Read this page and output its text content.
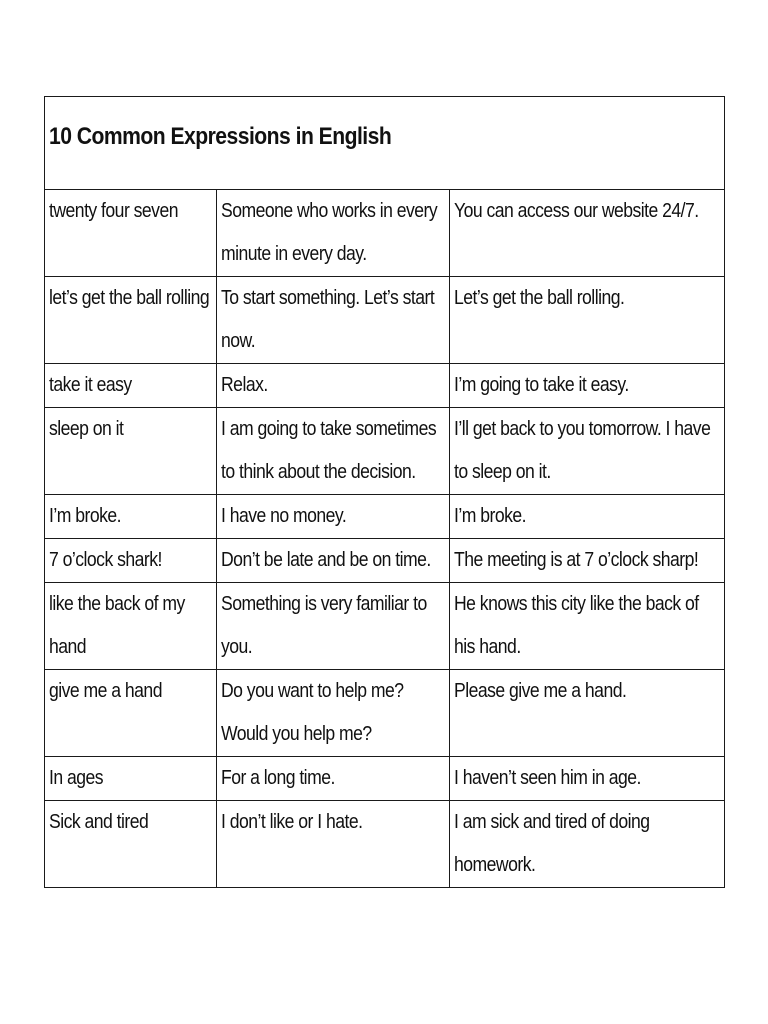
10 Common Expressions in English		
twenty four seven	Someone who works in every minute in every day.	You can access our website 24/7.
let’s get the ball rolling	To start something. Let’s start now.	Let’s get the ball rolling.
take it easy	Relax.	I’m going to take it easy.
sleep on it	I am going to take sometimes to think about the decision.	I’ll get back to you tomorrow. I have to sleep on it.
I’m broke.	I have no money.	I’m broke.
7 o’clock shark!	Don’t be late and be on time.	The meeting is at 7 o’clock sharp!
like the back of my hand	Something is very familiar to you.	He knows this city like the back of his hand.
give me a hand	Do you want to help me? Would you help me?	Please give me a hand.
In ages	For a long time.	I haven’t seen him in age.
Sick and tired	I don’t like or I hate.	I am sick and tired of doing homework.
